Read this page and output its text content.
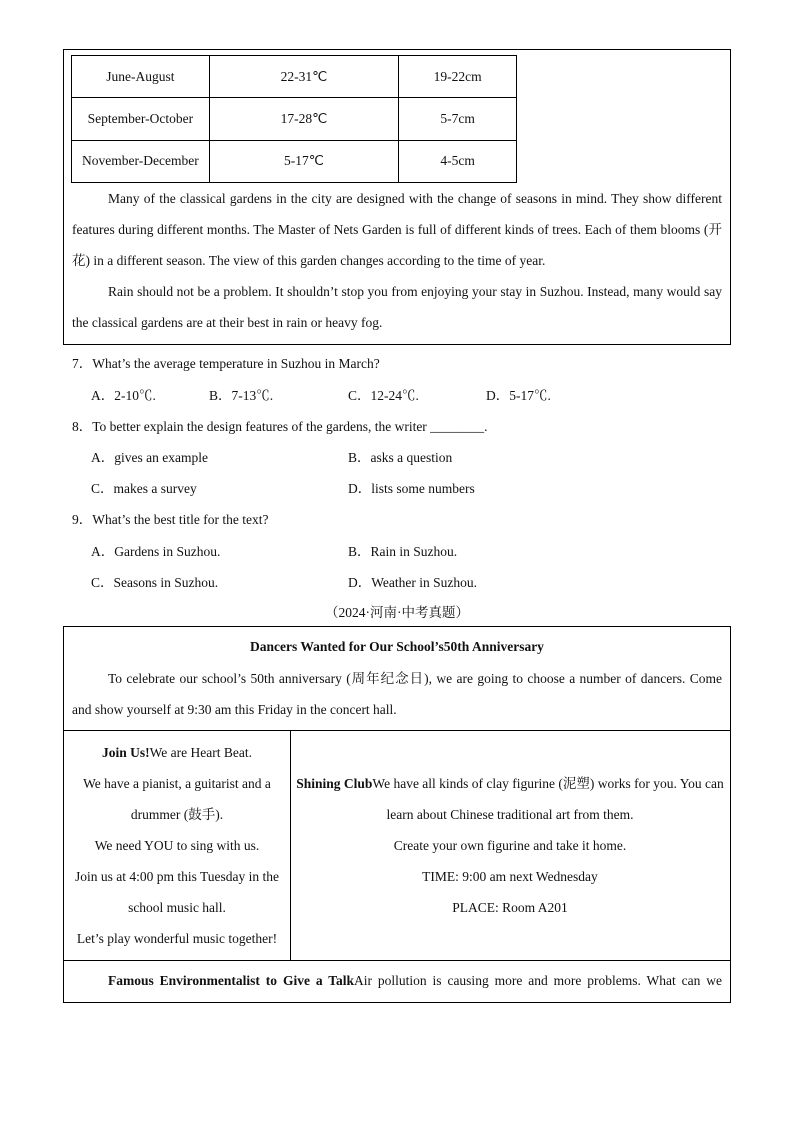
June-August	22-31℃	19-22cm
September-October	17-28℃	5-7cm
November-December	5-17℃	4-5cm

Many of the classical gardens in the city are designed with the change of seasons in mind. They show different features during different months. The Master of Nets Garden is full of different kinds of trees. Each of them blooms (开花) in a different season. The view of this garden changes according to the time of year.

Rain should not be a problem. It shouldn’t stop you from enjoying your stay in Suzhou. Instead, many would say the classical gardens are at their best in rain or heavy fog.

7．What’s the average temperature in Suzhou in March?
A．2-10℃.	B．7-13℃.	C．12-24℃.	D．5-17℃.
8．To better explain the design features of the gardens, the writer ________.
A．gives an example	B．asks a question
C．makes a survey	D．lists some numbers
9．What’s the best title for the text?
A．Gardens in Suzhou.	B．Rain in Suzhou.
C．Seasons in Suzhou.	D．Weather in Suzhou.
（2024·河南·中考真题）
Dancers Wanted for Our School’s50th Anniversary

To celebrate our school’s 50th anniversary (周年纪念日), we are going to choose a number of dancers. Come and show yourself at 9:30 am this Friday in the concert hall.

Join Us!We are Heart Beat.
We have a pianist, a guitarist and a drummer (鼓手).
We need YOU to sing with us.
Join us at 4:00 pm this Tuesday in the school music hall.
Let’s play wonderful music together!
Shining ClubWe have all kinds of clay figurine (泥塑) works for you. You can learn about Chinese traditional art from them.
Create your own figurine and take it home.
TIME: 9:00 am next Wednesday
PLACE: Room A201
Famous Environmentalist to Give a TalkAir pollution is causing more and more problems. What can we
